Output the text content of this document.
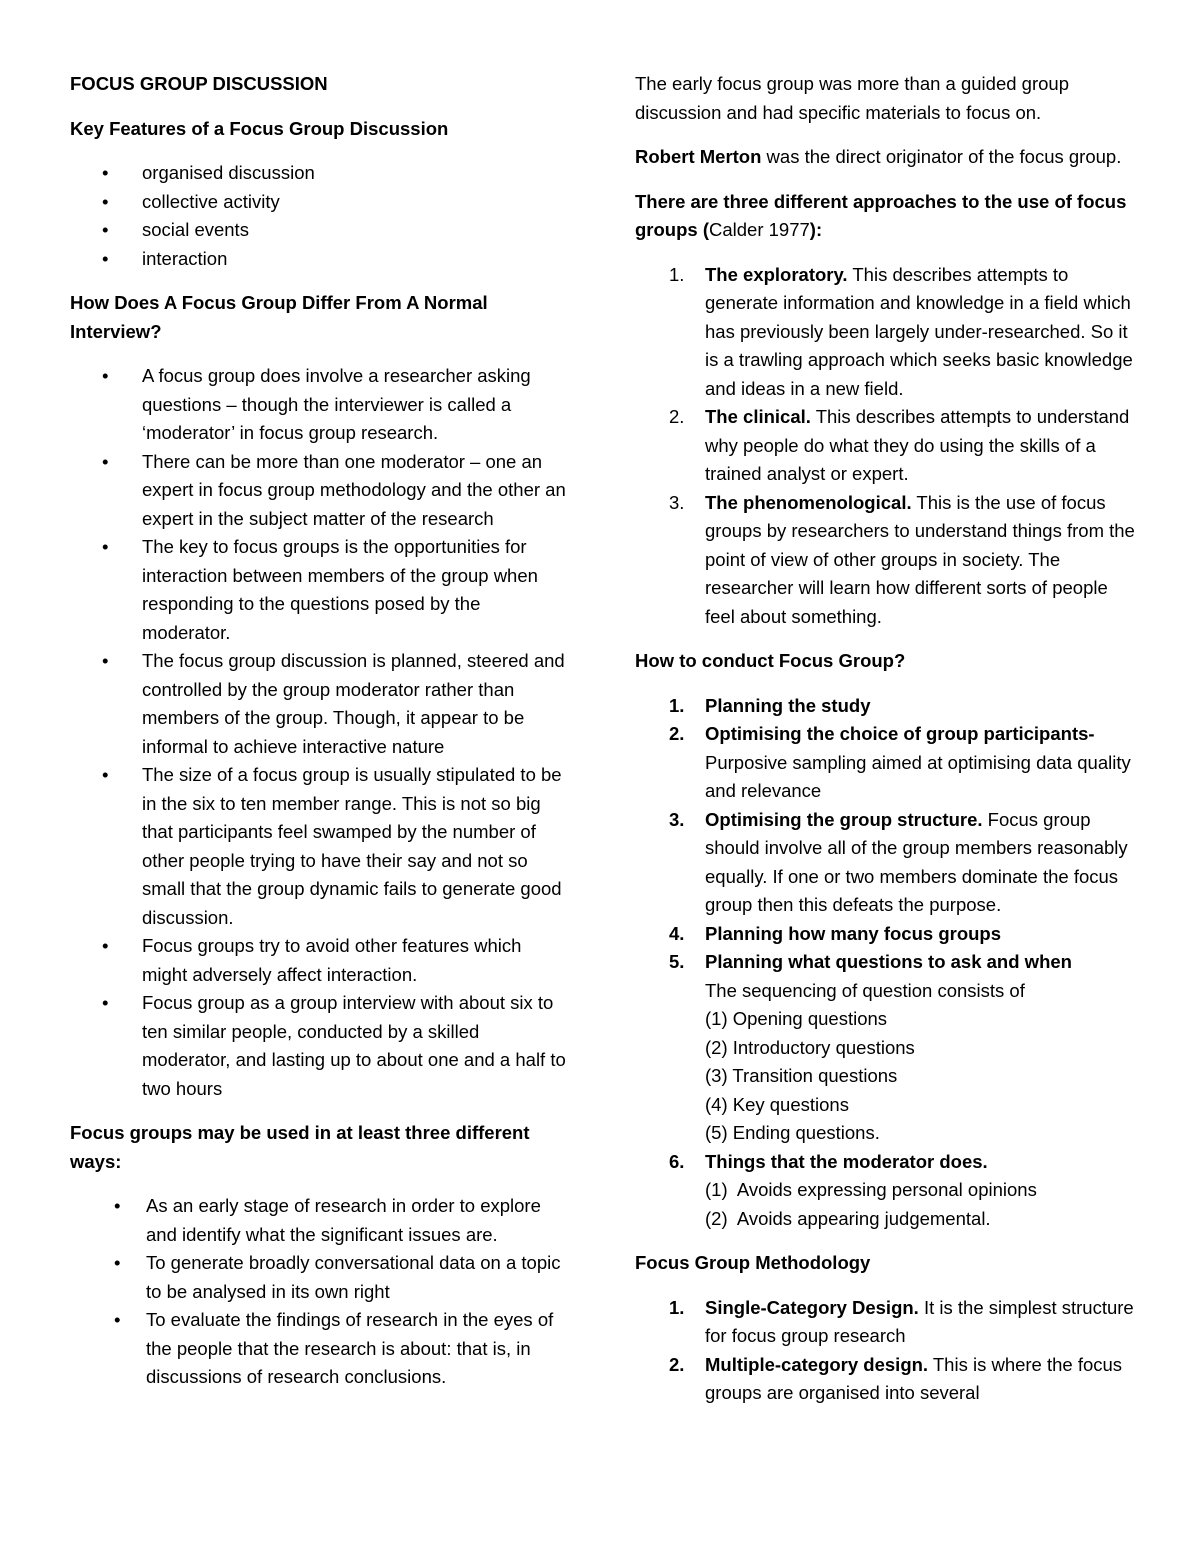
FOCUS GROUP DISCUSSION

Key Features of a Focus Group Discussion

• organised discussion
• collective activity
• social events
• interaction

How Does A Focus Group Differ From A Normal Interview?

• A focus group does involve a researcher asking questions – though the interviewer is called a ‘moderator’ in focus group research.
• There can be more than one moderator – one an expert in focus group methodology and the other an expert in the subject matter of the research
• The key to focus groups is the opportunities for interaction between members of the group when responding to the questions posed by the moderator.
• The focus group discussion is planned, steered and controlled by the group moderator rather than members of the group. Though, it appear to be informal to achieve interactive nature
• The size of a focus group is usually stipulated to be in the six to ten member range. This is not so big that participants feel swamped by the number of other people trying to have their say and not so small that the group dynamic fails to generate good discussion.
• Focus groups try to avoid other features which might adversely affect interaction.
• Focus group as a group interview with about six to ten similar people, conducted by a skilled moderator, and lasting up to about one and a half to two hours

Focus groups may be used in at least three different ways:

• As an early stage of research in order to explore and identify what the significant issues are.
• To generate broadly conversational data on a topic to be analysed in its own right
• To evaluate the findings of research in the eyes of the people that the research is about: that is, in discussions of research conclusions.

The early focus group was more than a guided group discussion and had specific materials to focus on.

Robert Merton was the direct originator of the focus group.

There are three different approaches to the use of focus groups (Calder 1977):

1. The exploratory. This describes attempts to generate information and knowledge in a field which has previously been largely under-researched. So it is a trawling approach which seeks basic knowledge and ideas in a new field.
2. The clinical. This describes attempts to understand why people do what they do using the skills of a trained analyst or expert.
3. The phenomenological. This is the use of focus groups by researchers to understand things from the point of view of other groups in society. The researcher will learn how different sorts of people feel about something.

How to conduct Focus Group?

1. Planning the study
2. Optimising the choice of group participants- Purposive sampling aimed at optimising data quality and relevance
3. Optimising the group structure. Focus group should involve all of the group members reasonably equally. If one or two members dominate the focus group then this defeats the purpose.
4. Planning how many focus groups
5. Planning what questions to ask and when
The sequencing of question consists of
(1) Opening questions
(2) Introductory questions
(3) Transition questions
(4) Key questions
(5) Ending questions.
6. Things that the moderator does.
(1)  Avoids expressing personal opinions
(2)  Avoids appearing judgemental.

Focus Group Methodology

1. Single-Category Design. It is the simplest structure for focus group research
2. Multiple-category design. This is where the focus groups are organised into several
